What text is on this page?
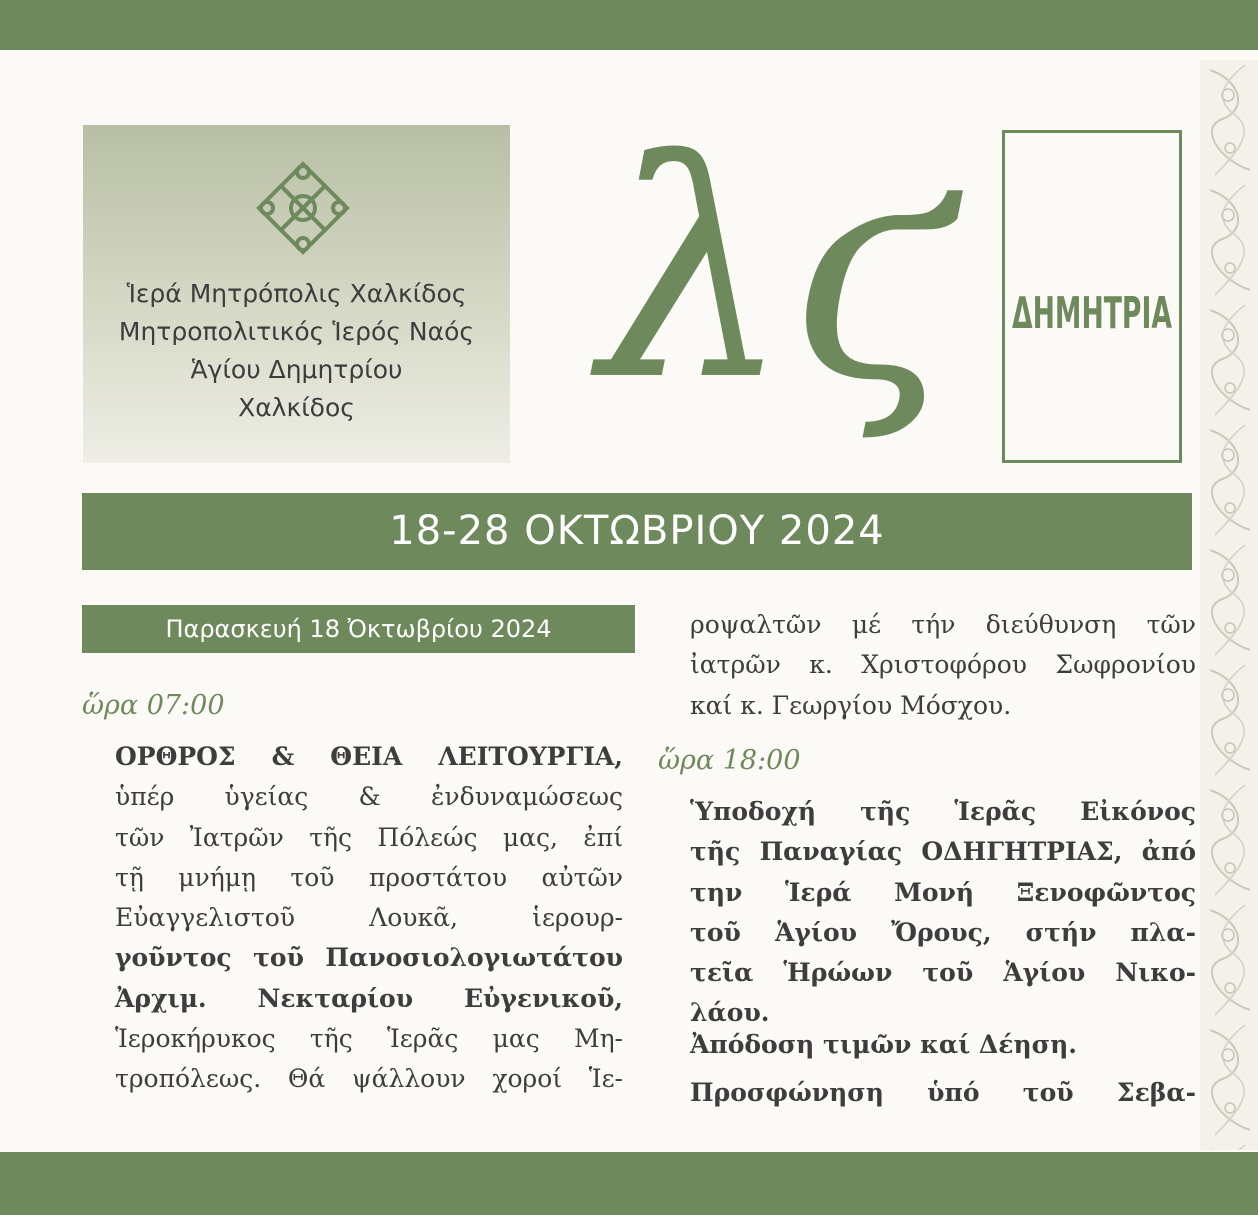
Ἱερά Μητρόπολις Χαλκίδος
Μητροπολιτικός Ἱερός Ναός
Ἁγίου Δημητρίου
Χαλκίδος λϛ ΔΗΜΗΤΡΙΑ
18-28 ΟΚΤΩΒΡΙΟΥ 2024
Παρασκευή 18 Ὀκτωβρίου 2024
ὥρα 07:00
ΟΡΘΡΟΣ & ΘΕΙΑ ΛΕΙΤΟΥΡΓΙΑ,
ὑπέρ ὑγείας & ἐνδυναμώσεως
τῶν Ἰατρῶν τῆς Πόλεώς μας, ἐπί
τῇ μνήμῃ τοῦ προστάτου αὐτῶν
Εὐαγγελιστοῦ Λουκᾶ, ἱερουρ-
γοῦντος τοῦ Πανοσιολογιωτάτου
Ἀρχιμ. Νεκταρίου Εὐγενικοῦ,
Ἱεροκήρυκος τῆς Ἱερᾶς μας Μη-
τροπόλεως. Θά ψάλλουν χοροί Ἱε-
ροψαλτῶν μέ τήν διεύθυνση τῶν
ἰατρῶν κ. Χριστοφόρου Σωφρονίου
καί κ. Γεωργίου Μόσχου.
ὥρα 18:00
Ὑποδοχή τῆς Ἱερᾶς Εἰκόνος
τῆς Παναγίας ΟΔΗΓΗΤΡΙΑΣ, ἀπό
την Ἱερά Μονή Ξενοφῶντος
τοῦ Ἁγίου Ὄρους, στήν πλα-
τεῖα Ἡρώων τοῦ Ἁγίου Νικο-
λάου.
Ἀπόδοση τιμῶν καί Δέηση.
Προσφώνηση ὑπό τοῦ Σεβα-
